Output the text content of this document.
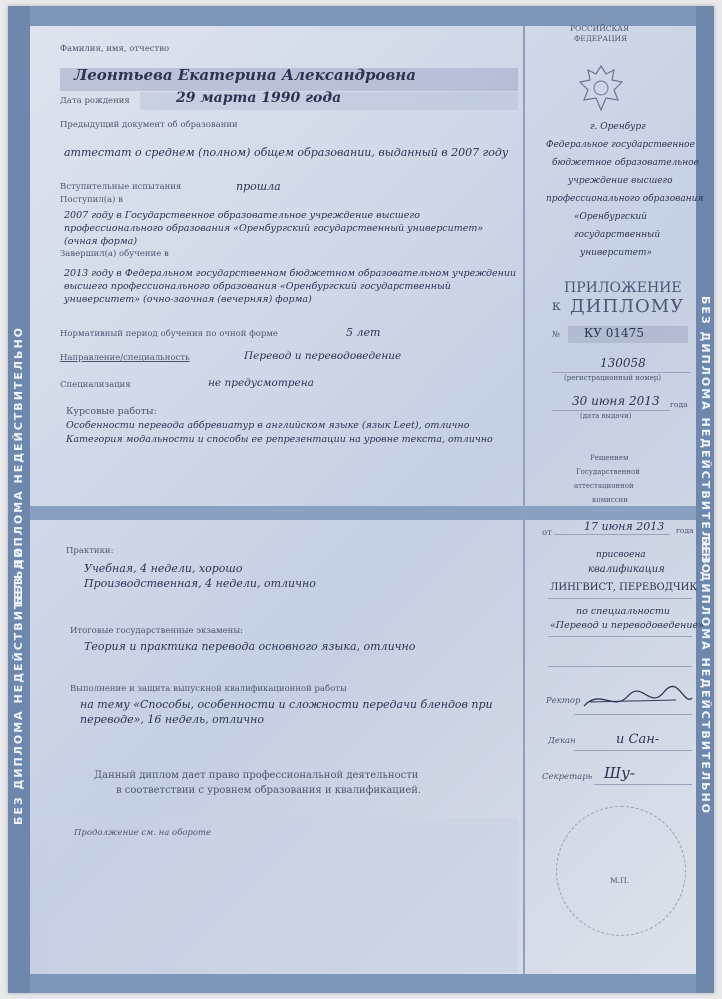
БЕЗ ДИПЛОМА НЕДЕЙСТВИТЕЛЬНО
БЕЗ ДИПЛОМА НЕДЕЙСТВИТЕЛЬНО
БЕЗ ДИПЛОМА НЕДЕЙСТВИТЕЛЬНО
БЕЗ ДИПЛОМА НЕДЕЙСТВИТЕЛЬНО
Фамилия, имя, отчество
Леонтьева Екатерина Александровна
Дата рождения	29 марта 1990 года
Предыдущий документ об образовании
аттестат о среднем (полном) общем образовании, выданный в 2007 году
Вступительные испытания	прошла
Поступил(а) в
2007 году в Государственное образовательное учреждение высшего
профессионального образования «Оренбургский государственный университет»
(очная форма)
Завершил(а) обучение в
2013 году в Федеральном государственном бюджетном образовательном учреждении
высшего профессионального образования «Оренбургский государственный
университет» (очно-заочная (вечерняя) форма)
Нормативный период обучения по очной форме	5 лет
Направление/специальность	Перевод и переводоведение
Специализация	не предусмотрена
Курсовые работы:
Особенности перевода аббревиатур в английском языке (язык Leet), отлично
Категория модальности и способы ее репрезентации на уровне текста, отлично
Практики:
Учебная, 4 недели, хорошо
Производственная, 4 недели, отлично
Итоговые государственные экзамены:
Теория и практика перевода основного языка, отлично
Выполнение и защита выпускной квалификационной работы
на тему «Способы, особенности и сложности передачи блендов при
переводе», 16 недель, отлично
Данный диплом дает право профессиональной деятельности
в соответствии с уровнем образования и квалификацией.
Продолжение см. на обороте
РОССИЙСКАЯ
ФЕДЕРАЦИЯ
г. Оренбург
Федеральное государственное
бюджетное образовательное
учреждение высшего
профессионального образования
«Оренбургский
государственный
университет»
ПРИЛОЖЕНИЕ
к ДИПЛОМУ
№ КУ 01475
130058
(регистрационный номер)
30 июня 2013 года
(дата выдачи)
Решением
Государственной
аттестационной
комиссии
от	17 июня 2013 года
присвоена
квалификация
ЛИНГВИСТ, ПЕРЕВОДЧИК
по специальности
«Перевод и переводоведение»
Ректор
Декан	и Сан-
Секретарь Шу-
М.П.
